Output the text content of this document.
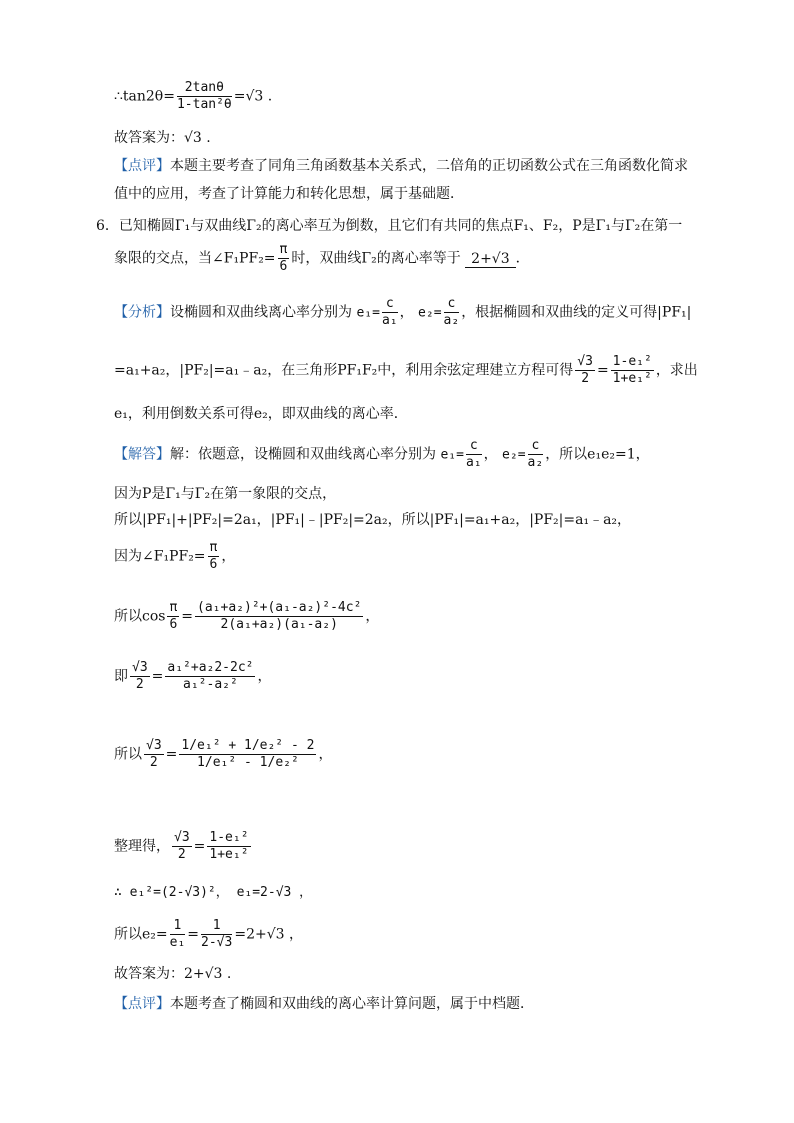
∴tan2θ= $\frac{2\tan\theta}{\text{1-tan²θ}} =√3$ .
故答案为：√3 .
【点评】本题主要考查了同角三角函数基本关系式，二倍角的正切函数公式在三角函数化简求
值中的应用，考查了计算能力和转化思想，属于基础题．
6．已知椭圆Γ₁与双曲线Γ₂的离心率互为倒数，且它们有共同的焦点F₁、F₂，P是Γ₁与Γ₂在第一
象限的交点，当∠F₁PF₂= $\frac{\pi}{6}$ 时，双曲线Γ₂的离心率等于 2+√3 ．
【分析】设椭圆和双曲线离心率分别为 $e_1= \frac{c}{\text{a₁}}$ ， $e_2= \frac{c}{\text{a₂}}$ ，根据椭圆和双曲线的定义可得|PF₁|
=a₁+a₂，|PF₂|=a₁﹣a₂，在三角形PF₁F₂中，利用余弦定理建立方程可得 $\frac{√3}{2} = \frac{\text{1-e₁²}}{\text{1+e₁²}}$ ，求出
e₁，利用倒数关系可得e₂，即双曲线的离心率．
【解答】解：依题意，设椭圆和双曲线离心率分别为 $e_1= \frac{c}{\text{a₁}}$ ， $e_2= \frac{c}{\text{a₂}}$ ，所以e₁e₂=1，
因为P是Γ₁与Γ₂在第一象限的交点，
所以|PF₁|+|PF₂|=2a₁，|PF₁|﹣|PF₂|=2a₂，所以|PF₁|=a₁+a₂，|PF₂|=a₁﹣a₂，
因为∠F₁PF₂= $\frac{\pi}{6}$ ，
所以$\cos \frac{\pi}{6} = \frac{\text{(a₁+a₂)²+(a₁-a₂)²-4c²}}{\text{2(a₁+a₂)(a₁-a₂)}}$ ，
即 $\frac{√3}{2} = \frac{\text{a₁²+a₂2-2c²}}{\text{a₁²-a₂²}}$ ，
所以 $\frac{√3}{2} = \frac{\text{1/e₁² + 1/e₂² - 2}}{\text{1/e₁² - 1/e₂²}}$ ，
整理得， $\frac{√3}{2} = \frac{\text{1-e₁²}}{\text{1+e₁²}}$
∴ e₁²=(2-√3)²， e₁=2-√3 ，
所以$e_2= \frac{1}{\text{e₁}} = \frac{1}{2-√3} =2+√3$ ，
故答案为：2+√3 .
【点评】本题考查了椭圆和双曲线的离心率计算问题，属于中档题．
